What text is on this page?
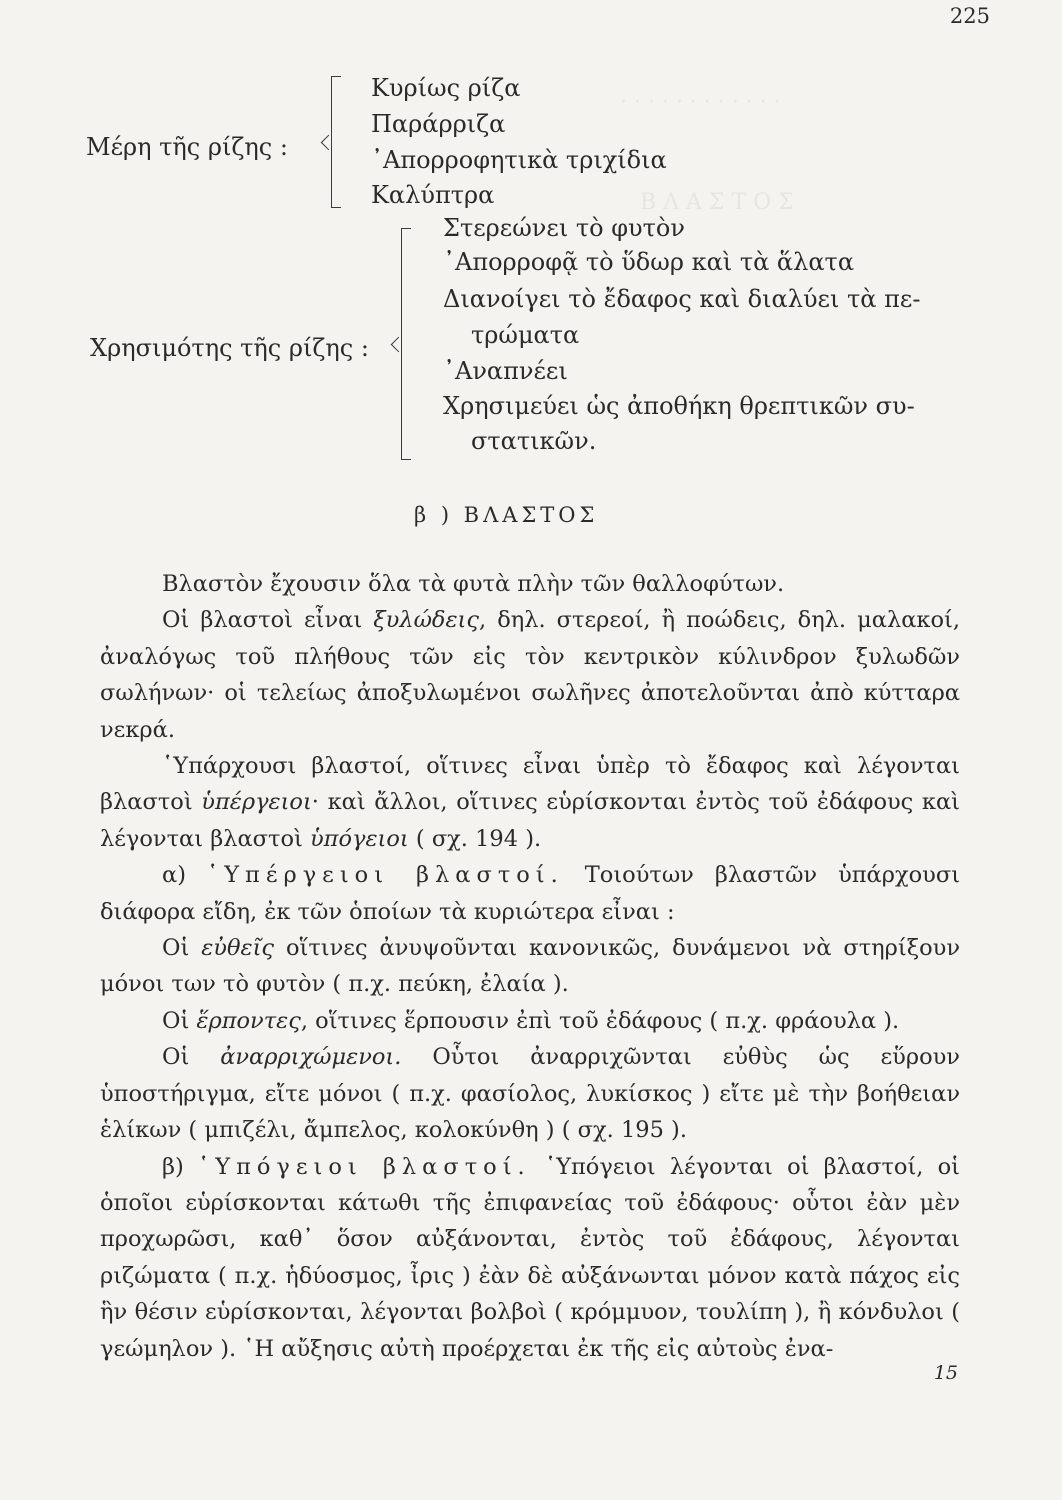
· · · · · · · · · · · ·
Β Λ Α Σ Τ Ο Σ
225
Μέρη τῆς ρίζης :
Κυρίως ρίζα
Παράρριζα
᾿Απορροφητικὰ τριχίδια
Καλύπτρα
Χρησιμότης τῆς ρίζης :
Στερεώνει τὸ φυτὸν
᾿Απορροφᾷ τὸ ὕδωρ καὶ τὰ ἅλατα
Διανοίγει τὸ ἔδαφος καὶ διαλύει τὰ πε-
τρώματα
᾿Αναπνέει
Χρησιμεύει ὡς ἀποθήκη θρεπτικῶν συ-
στατικῶν.
β ) ΒΛΑΣΤΟΣ

Βλαστὸν ἔχουσιν ὅλα τὰ φυτὰ πλὴν τῶν θαλλοφύτων.

Οἱ βλαστοὶ εἶναι ξυλώδεις, δηλ. στερεοί, ἢ ποώδεις, δηλ. μαλακοί, ἀναλόγως τοῦ πλήθους τῶν εἰς τὸν κεντρικὸν κύλινδρον ξυλωδῶν σωλήνων· οἱ τελείως ἀποξυλωμένοι σωλῆνες ἀποτελοῦνται ἀπὸ κύτταρα νεκρά.

῾Υπάρχουσι βλαστοί, οἵτινες εἶναι ὑπὲρ τὸ ἔδαφος καὶ λέγονται βλαστοὶ ὑπέργειοι· καὶ ἄλλοι, οἵτινες εὑρίσκονται ἐντὸς τοῦ ἐδάφους καὶ λέγονται βλαστοὶ ὑπόγειοι ( σχ. 194 ).

α) ῾Υπέργειοι βλαστοί. Τοιούτων βλαστῶν ὑπάρχουσι διάφορα εἴδη, ἐκ τῶν ὁποίων τὰ κυριώτερα εἶναι :

Οἱ εὐθεῖς οἵτινες ἀνυψοῦνται κανονικῶς, δυνάμενοι νὰ στηρίξουν μόνοι των τὸ φυτὸν ( π.χ. πεύκη, ἐλαία ).

Οἱ ἕρποντες, οἵτινες ἕρπουσιν ἐπὶ τοῦ ἐδάφους ( π.χ. φράουλα ).

Οἱ ἀναρριχώμενοι. Οὗτοι ἀναρριχῶνται εὐθὺς ὡς εὕρουν ὑποστήριγμα, εἴτε μόνοι ( π.χ. φασίολος, λυκίσκος ) εἴτε μὲ τὴν βοήθειαν ἑλίκων ( μπιζέλι, ἄμπελος, κολοκύνθη ) ( σχ. 195 ).

β) ῾Υπόγειοι βλαστοί. ῾Υπόγειοι λέγονται οἱ βλαστοί, οἱ ὁποῖοι εὑρίσκονται κάτωθι τῆς ἐπιφανείας τοῦ ἐδάφους· οὗτοι ἐὰν μὲν προχωρῶσι, καθ᾿ ὅσον αὐξάνονται, ἐντὸς τοῦ ἐδάφους, λέγονται ριζώματα ( π.χ. ἡδύοσμος, ἶρις ) ἐὰν δὲ αὐξάνωνται μόνον κατὰ πάχος εἰς ἣν θέσιν εὑρίσκονται, λέγονται βολβοὶ ( κρόμμυον, τουλίπη ), ἢ κόνδυλοι ( γεώμηλον ). ῾Η αὔξησις αὐτὴ προέρχεται ἐκ τῆς εἰς αὐτοὺς ἐνα-

15
